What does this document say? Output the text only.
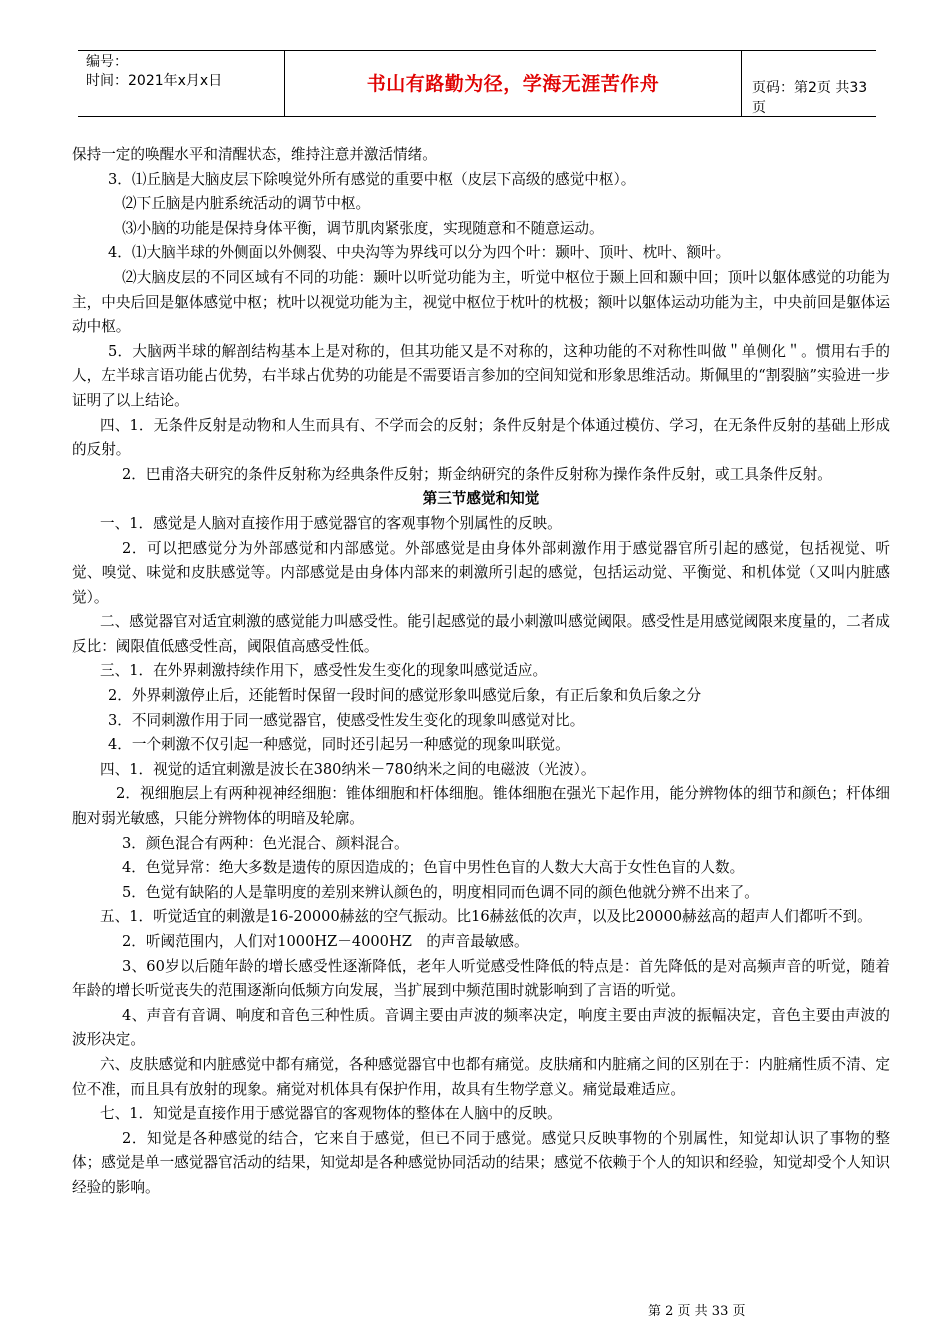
编号：
时间：2021年x月x日	书山有路勤为径，学海无涯苦作舟	页码：第2页 共33页

保持一定的唤醒水平和清醒状态，维持注意并激活情绪。

3．⑴丘脑是大脑皮层下除嗅觉外所有感觉的重要中枢（皮层下高级的感觉中枢）。

⑵下丘脑是内脏系统活动的调节中枢。

⑶小脑的功能是保持身体平衡，调节肌肉紧张度，实现随意和不随意运动。

4．⑴大脑半球的外侧面以外侧裂、中央沟等为界线可以分为四个叶：颞叶、顶叶、枕叶、额叶。

⑵大脑皮层的不同区域有不同的功能：颞叶以听觉功能为主，听觉中枢位于颞上回和颞中回；顶叶以躯体感觉的功能为主，中央后回是躯体感觉中枢；枕叶以视觉功能为主，视觉中枢位于枕叶的枕极；额叶以躯体运动功能为主，中央前回是躯体运动中枢。

5．大脑两半球的解剖结构基本上是对称的，但其功能又是不对称的，这种功能的不对称性叫做＂单侧化＂。惯用右手的人，左半球言语功能占优势，右半球占优势的功能是不需要语言参加的空间知觉和形象思维活动。斯佩里的“割裂脑”实验进一步证明了以上结论。

四、1．无条件反射是动物和人生而具有、不学而会的反射；条件反射是个体通过模仿、学习，在无条件反射的基础上形成的反射。

2．巴甫洛夫研究的条件反射称为经典条件反射；斯金纳研究的条件反射称为操作条件反射，或工具条件反射。

第三节感觉和知觉

一、1．感觉是人脑对直接作用于感觉器官的客观事物个别属性的反映。

2．可以把感觉分为外部感觉和内部感觉。外部感觉是由身体外部刺激作用于感觉器官所引起的感觉，包括视觉、听觉、嗅觉、味觉和皮肤感觉等。内部感觉是由身体内部来的刺激所引起的感觉，包括运动觉、平衡觉、和机体觉（又叫内脏感觉）。

二、感觉器官对适宜刺激的感觉能力叫感受性。能引起感觉的最小刺激叫感觉阈限。感受性是用感觉阈限来度量的，二者成反比：阈限值低感受性高，阈限值高感受性低。

三、1．在外界刺激持续作用下，感受性发生变化的现象叫感觉适应。

2．外界刺激停止后，还能暂时保留一段时间的感觉形象叫感觉后象，有正后象和负后象之分

3．不同刺激作用于同一感觉器官，使感受性发生变化的现象叫感觉对比。

4．一个刺激不仅引起一种感觉，同时还引起另一种感觉的现象叫联觉。

四、1．视觉的适宜刺激是波长在380纳米－780纳米之间的电磁波（光波）。

2．视细胞层上有两种视神经细胞：锥体细胞和杆体细胞。锥体细胞在强光下起作用，能分辨物体的细节和颜色；杆体细胞对弱光敏感，只能分辨物体的明暗及轮廓。

3．颜色混合有两种：色光混合、颜料混合。

4．色觉异常：绝大多数是遗传的原因造成的；色盲中男性色盲的人数大大高于女性色盲的人数。

5．色觉有缺陷的人是靠明度的差别来辨认颜色的，明度相同而色调不同的颜色他就分辨不出来了。

五、1．听觉适宜的刺激是16-20000赫兹的空气振动。比16赫兹低的次声，以及比20000赫兹高的超声人们都听不到。

2．听阈范围内，人们对1000HZ－4000HZ　的声音最敏感。

3、60岁以后随年龄的增长感受性逐渐降低，老年人听觉感受性降低的特点是：首先降低的是对高频声音的听觉，随着年龄的增长听觉丧失的范围逐渐向低频方向发展，当扩展到中频范围时就影响到了言语的听觉。

4、声音有音调、响度和音色三种性质。音调主要由声波的频率决定，响度主要由声波的振幅决定，音色主要由声波的波形决定。

六、皮肤感觉和内脏感觉中都有痛觉，各种感觉器官中也都有痛觉。皮肤痛和内脏痛之间的区别在于：内脏痛性质不清、定位不准，而且具有放射的现象。痛觉对机体具有保护作用，故具有生物学意义。痛觉最难适应。

七、1．知觉是直接作用于感觉器官的客观物体的整体在人脑中的反映。

2．知觉是各种感觉的结合，它来自于感觉，但已不同于感觉。感觉只反映事物的个别属性，知觉却认识了事物的整体；感觉是单一感觉器官活动的结果，知觉却是各种感觉协同活动的结果；感觉不依赖于个人的知识和经验，知觉却受个人知识经验的影响。

第 2 页 共 33 页
